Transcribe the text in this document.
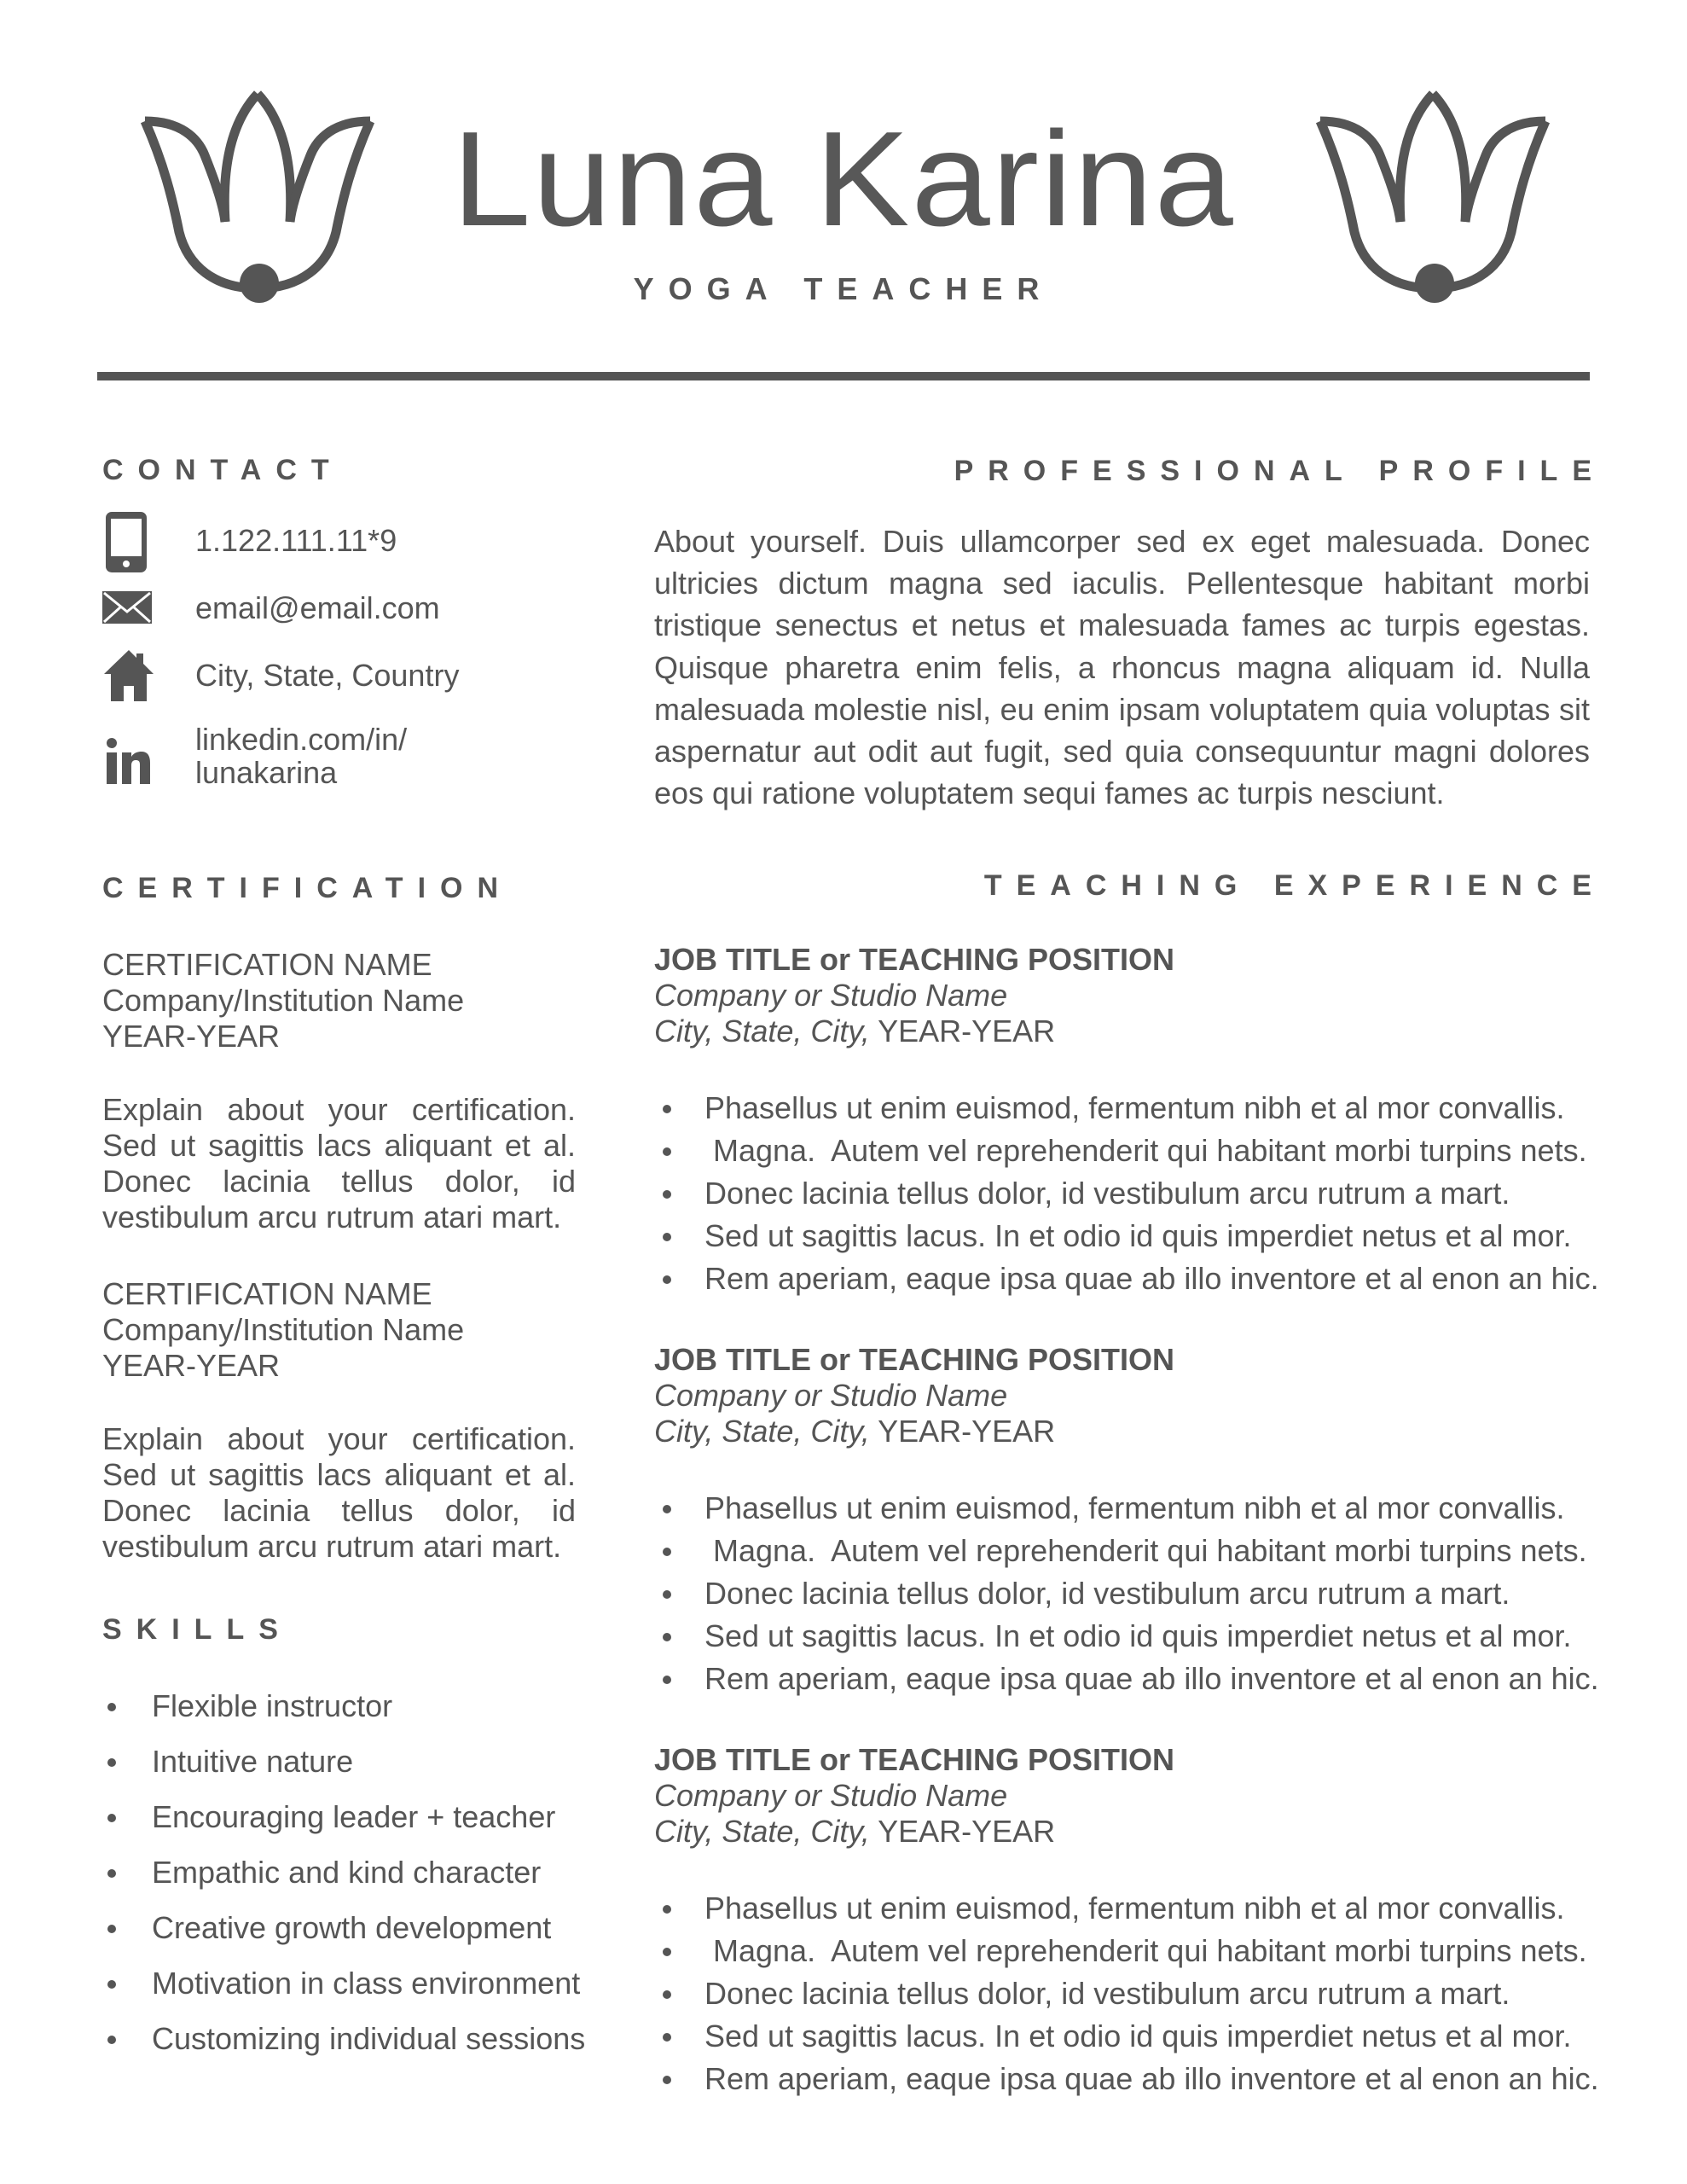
Luna Karina
YOGA TEACHER
CONTACT
1.122.111.11*9
email@email.com
City, State, Country
linkedin.com/in/
lunakarina
PROFESSIONAL PROFILE
About yourself. Duis ullamcorper sed ex eget malesuada. Donec ultricies dictum magna sed iaculis. Pellentesque habitant morbi tristique senectus et netus et malesuada fames ac turpis egestas. Quisque pharetra enim felis, a rhoncus magna aliquam id. Nulla malesuada molestie nisl, eu enim ipsam voluptatem quia voluptas sit aspernatur aut odit aut fugit, sed quia consequuntur magni dolores eos qui ratione voluptatem sequi fames ac turpis nesciunt.
CERTIFICATION
CERTIFICATION NAME
Company/Institution Name
YEAR-YEAR
Explain about your certification. Sed ut sagittis lacs aliquant et al. Donec lacinia tellus dolor, id vestibulum arcu rutrum atari mart.
CERTIFICATION NAME
Company/Institution Name
YEAR-YEAR
Explain about your certification. Sed ut sagittis lacs aliquant et al. Donec lacinia tellus dolor, id vestibulum arcu rutrum atari mart.
SKILLS
Flexible instructor
Intuitive nature
Encouraging leader + teacher
Empathic and kind character
Creative growth development
Motivation in class environment
Customizing individual sessions
TEACHING EXPERIENCE
JOB TITLE or TEACHING POSITION
Company or Studio Name
City, State, City, YEAR-YEAR
Phasellus ut enim euismod, fermentum nibh et al mor convallis.
Magna.  Autem vel reprehenderit qui habitant morbi turpins nets.
Donec lacinia tellus dolor, id vestibulum arcu rutrum a mart.
Sed ut sagittis lacus. In et odio id quis imperdiet netus et al mor.
Rem aperiam, eaque ipsa quae ab illo inventore et al enon an hic.
JOB TITLE or TEACHING POSITION
Company or Studio Name
City, State, City, YEAR-YEAR
Phasellus ut enim euismod, fermentum nibh et al mor convallis.
Magna.  Autem vel reprehenderit qui habitant morbi turpins nets.
Donec lacinia tellus dolor, id vestibulum arcu rutrum a mart.
Sed ut sagittis lacus. In et odio id quis imperdiet netus et al mor.
Rem aperiam, eaque ipsa quae ab illo inventore et al enon an hic.
JOB TITLE or TEACHING POSITION
Company or Studio Name
City, State, City, YEAR-YEAR
Phasellus ut enim euismod, fermentum nibh et al mor convallis.
Magna.  Autem vel reprehenderit qui habitant morbi turpins nets.
Donec lacinia tellus dolor, id vestibulum arcu rutrum a mart.
Sed ut sagittis lacus. In et odio id quis imperdiet netus et al mor.
Rem aperiam, eaque ipsa quae ab illo inventore et al enon an hic.
